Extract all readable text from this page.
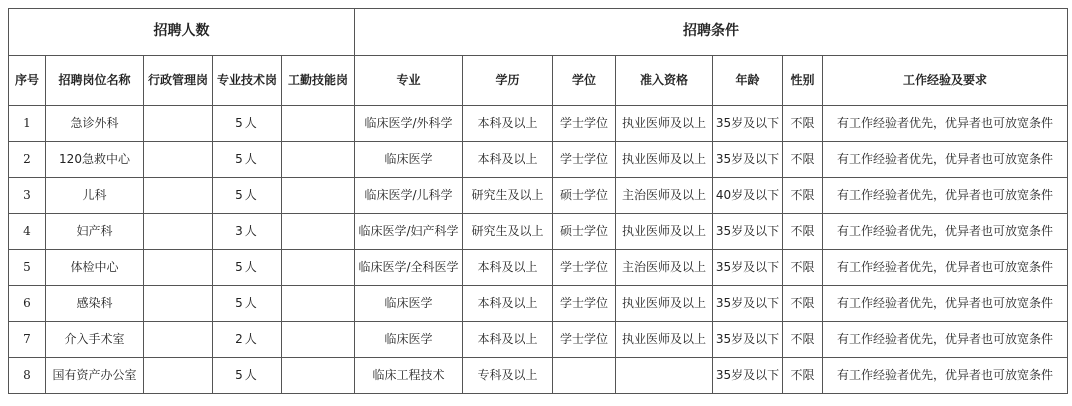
招聘人数					招聘条件						
序号	招聘岗位名称	行政管理岗	专业技术岗	工勤技能岗	专业	学历	学位	准入资格	年龄	性别	工作经验及要求
1	急诊外科		5人		临床医学/外科学	本科及以上	学士学位	执业医师及以上	35岁及以下	不限	有工作经验者优先，优异者也可放宽条件
2	120急救中心		5人		临床医学	本科及以上	学士学位	执业医师及以上	35岁及以下	不限	有工作经验者优先，优异者也可放宽条件
3	儿科		5人		临床医学/儿科学	研究生及以上	硕士学位	主治医师及以上	40岁及以下	不限	有工作经验者优先，优异者也可放宽条件
4	妇产科		3人		临床医学/妇产科学	研究生及以上	硕士学位	执业医师及以上	35岁及以下	不限	有工作经验者优先，优异者也可放宽条件
5	体检中心		5人		临床医学/全科医学	本科及以上	学士学位	主治医师及以上	35岁及以下	不限	有工作经验者优先，优异者也可放宽条件
6	感染科		5人		临床医学	本科及以上	学士学位	执业医师及以上	35岁及以下	不限	有工作经验者优先，优异者也可放宽条件
7	介入手术室		2人		临床医学	本科及以上	学士学位	执业医师及以上	35岁及以下	不限	有工作经验者优先，优异者也可放宽条件
8	国有资产办公室		5人		临床工程技术	专科及以上			35岁及以下	不限	有工作经验者优先，优异者也可放宽条件
